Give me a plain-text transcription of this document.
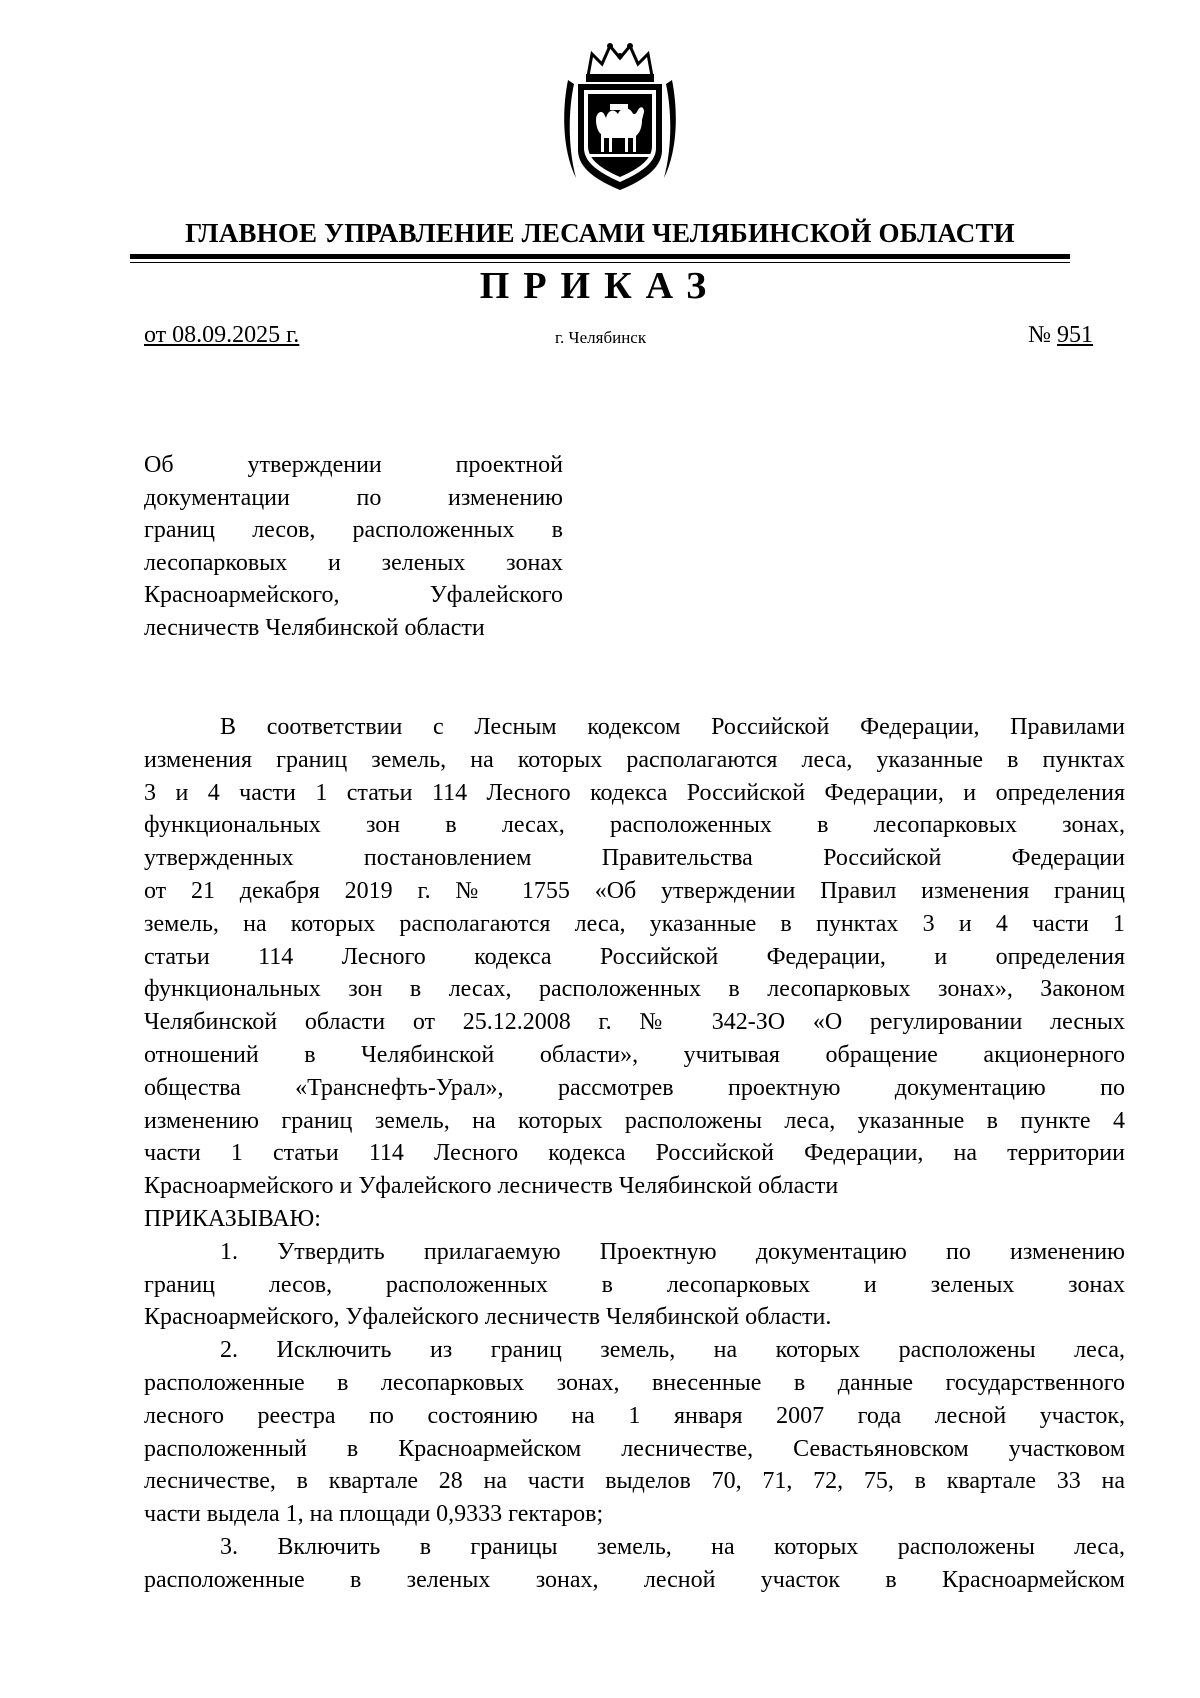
ГЛАВНОЕ УПРАВЛЕНИЕ ЛЕСАМИ ЧЕЛЯБИНСКОЙ ОБЛАСТИ
ПРИКАЗ
от 08.09.2025 г.	г. Челябинск	№ 951
Об утверждении проектной
документации по изменению
границ лесов, расположенных в
лесопарковых и зеленых зонах
Красноармейского, Уфалейского
лесничеств Челябинской области
В соответствии с Лесным кодексом Российской Федерации, Правилами
изменения границ земель, на которых располагаются леса, указанные в пунктах
3 и 4 части 1 статьи 114 Лесного кодекса Российской Федерации, и определения
функциональных зон в лесах, расположенных в лесопарковых зонах,
утвержденных постановлением Правительства Российской Федерации
от 21 декабря 2019 г. № 1755 «Об утверждении Правил изменения границ
земель, на которых располагаются леса, указанные в пунктах 3 и 4 части 1
статьи 114 Лесного кодекса Российской Федерации, и определения
функциональных зон в лесах, расположенных в лесопарковых зонах», Законом
Челябинской области от 25.12.2008 г. № 342-ЗО «О регулировании лесных
отношений в Челябинской области», учитывая обращение акционерного
общества «Транснефть-Урал», рассмотрев проектную документацию по
изменению границ земель, на которых расположены леса, указанные в пункте 4
части 1 статьи 114 Лесного кодекса Российской Федерации, на территории
Красноармейского и Уфалейского лесничеств Челябинской области
ПРИКАЗЫВАЮ:
1. Утвердить прилагаемую Проектную документацию по изменению
границ лесов, расположенных в лесопарковых и зеленых зонах
Красноармейского, Уфалейского лесничеств Челябинской области.
2. Исключить из границ земель, на которых расположены леса,
расположенные в лесопарковых зонах, внесенные в данные государственного
лесного реестра по состоянию на 1 января 2007 года лесной участок,
расположенный в Красноармейском лесничестве, Севастьяновском участковом
лесничестве, в квартале 28 на части выделов 70, 71, 72, 75, в квартале 33 на
части выдела 1, на площади 0,9333 гектаров;
3. Включить в границы земель, на которых расположены леса,
расположенные в зеленых зонах, лесной участок в Красноармейском
